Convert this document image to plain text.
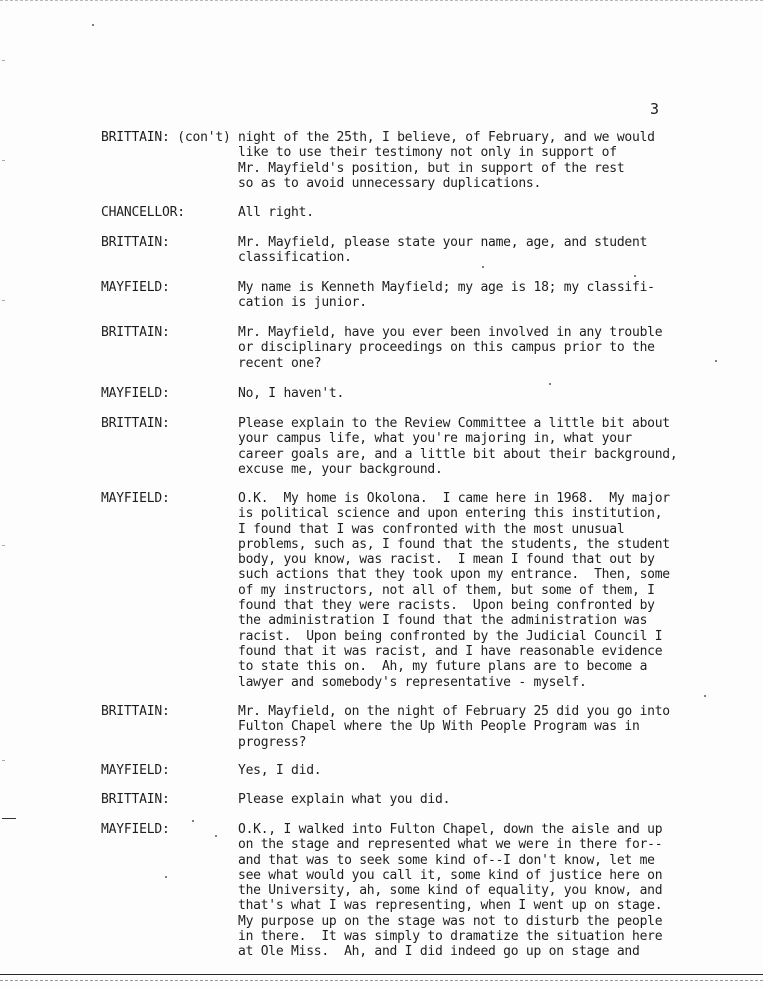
3
BRITTAIN: (con't) night of the 25th, I believe, of February, and we would
like to use their testimony not only in support of
Mr. Mayfield's position, but in support of the rest
so as to avoid unnecessary duplications.
CHANCELLOR:	All right.
BRITTAIN:	Mr. Mayfield, please state your name, age, and student
classification.
MAYFIELD:	My name is Kenneth Mayfield; my age is 18; my classifi-
cation is junior.
BRITTAIN:	Mr. Mayfield, have you ever been involved in any trouble
or disciplinary proceedings on this campus prior to the
recent one?
MAYFIELD:	No, I haven't.
BRITTAIN:	Please explain to the Review Committee a little bit about
your campus life, what you're majoring in, what your
career goals are, and a little bit about their background,
excuse me, your background.
MAYFIELD:	O.K.  My home is Okolona.  I came here in 1968.  My major
is political science and upon entering this institution,
I found that I was confronted with the most unusual
problems, such as, I found that the students, the student
body, you know, was racist.  I mean I found that out by
such actions that they took upon my entrance.  Then, some
of my instructors, not all of them, but some of them, I
found that they were racists.  Upon being confronted by
the administration I found that the administration was
racist.  Upon being confronted by the Judicial Council I
found that it was racist, and I have reasonable evidence
to state this on.  Ah, my future plans are to become a
lawyer and somebody's representative - myself.
BRITTAIN:	Mr. Mayfield, on the night of February 25 did you go into
Fulton Chapel where the Up With People Program was in
progress?
MAYFIELD:	Yes, I did.
BRITTAIN:	Please explain what you did.
MAYFIELD:	O.K., I walked into Fulton Chapel, down the aisle and up
on the stage and represented what we were in there for--
and that was to seek some kind of--I don't know, let me
see what would you call it, some kind of justice here on
the University, ah, some kind of equality, you know, and
that's what I was representing, when I went up on stage.
My purpose up on the stage was not to disturb the people
in there.  It was simply to dramatize the situation here
at Ole Miss.  Ah, and I did indeed go up on stage and
